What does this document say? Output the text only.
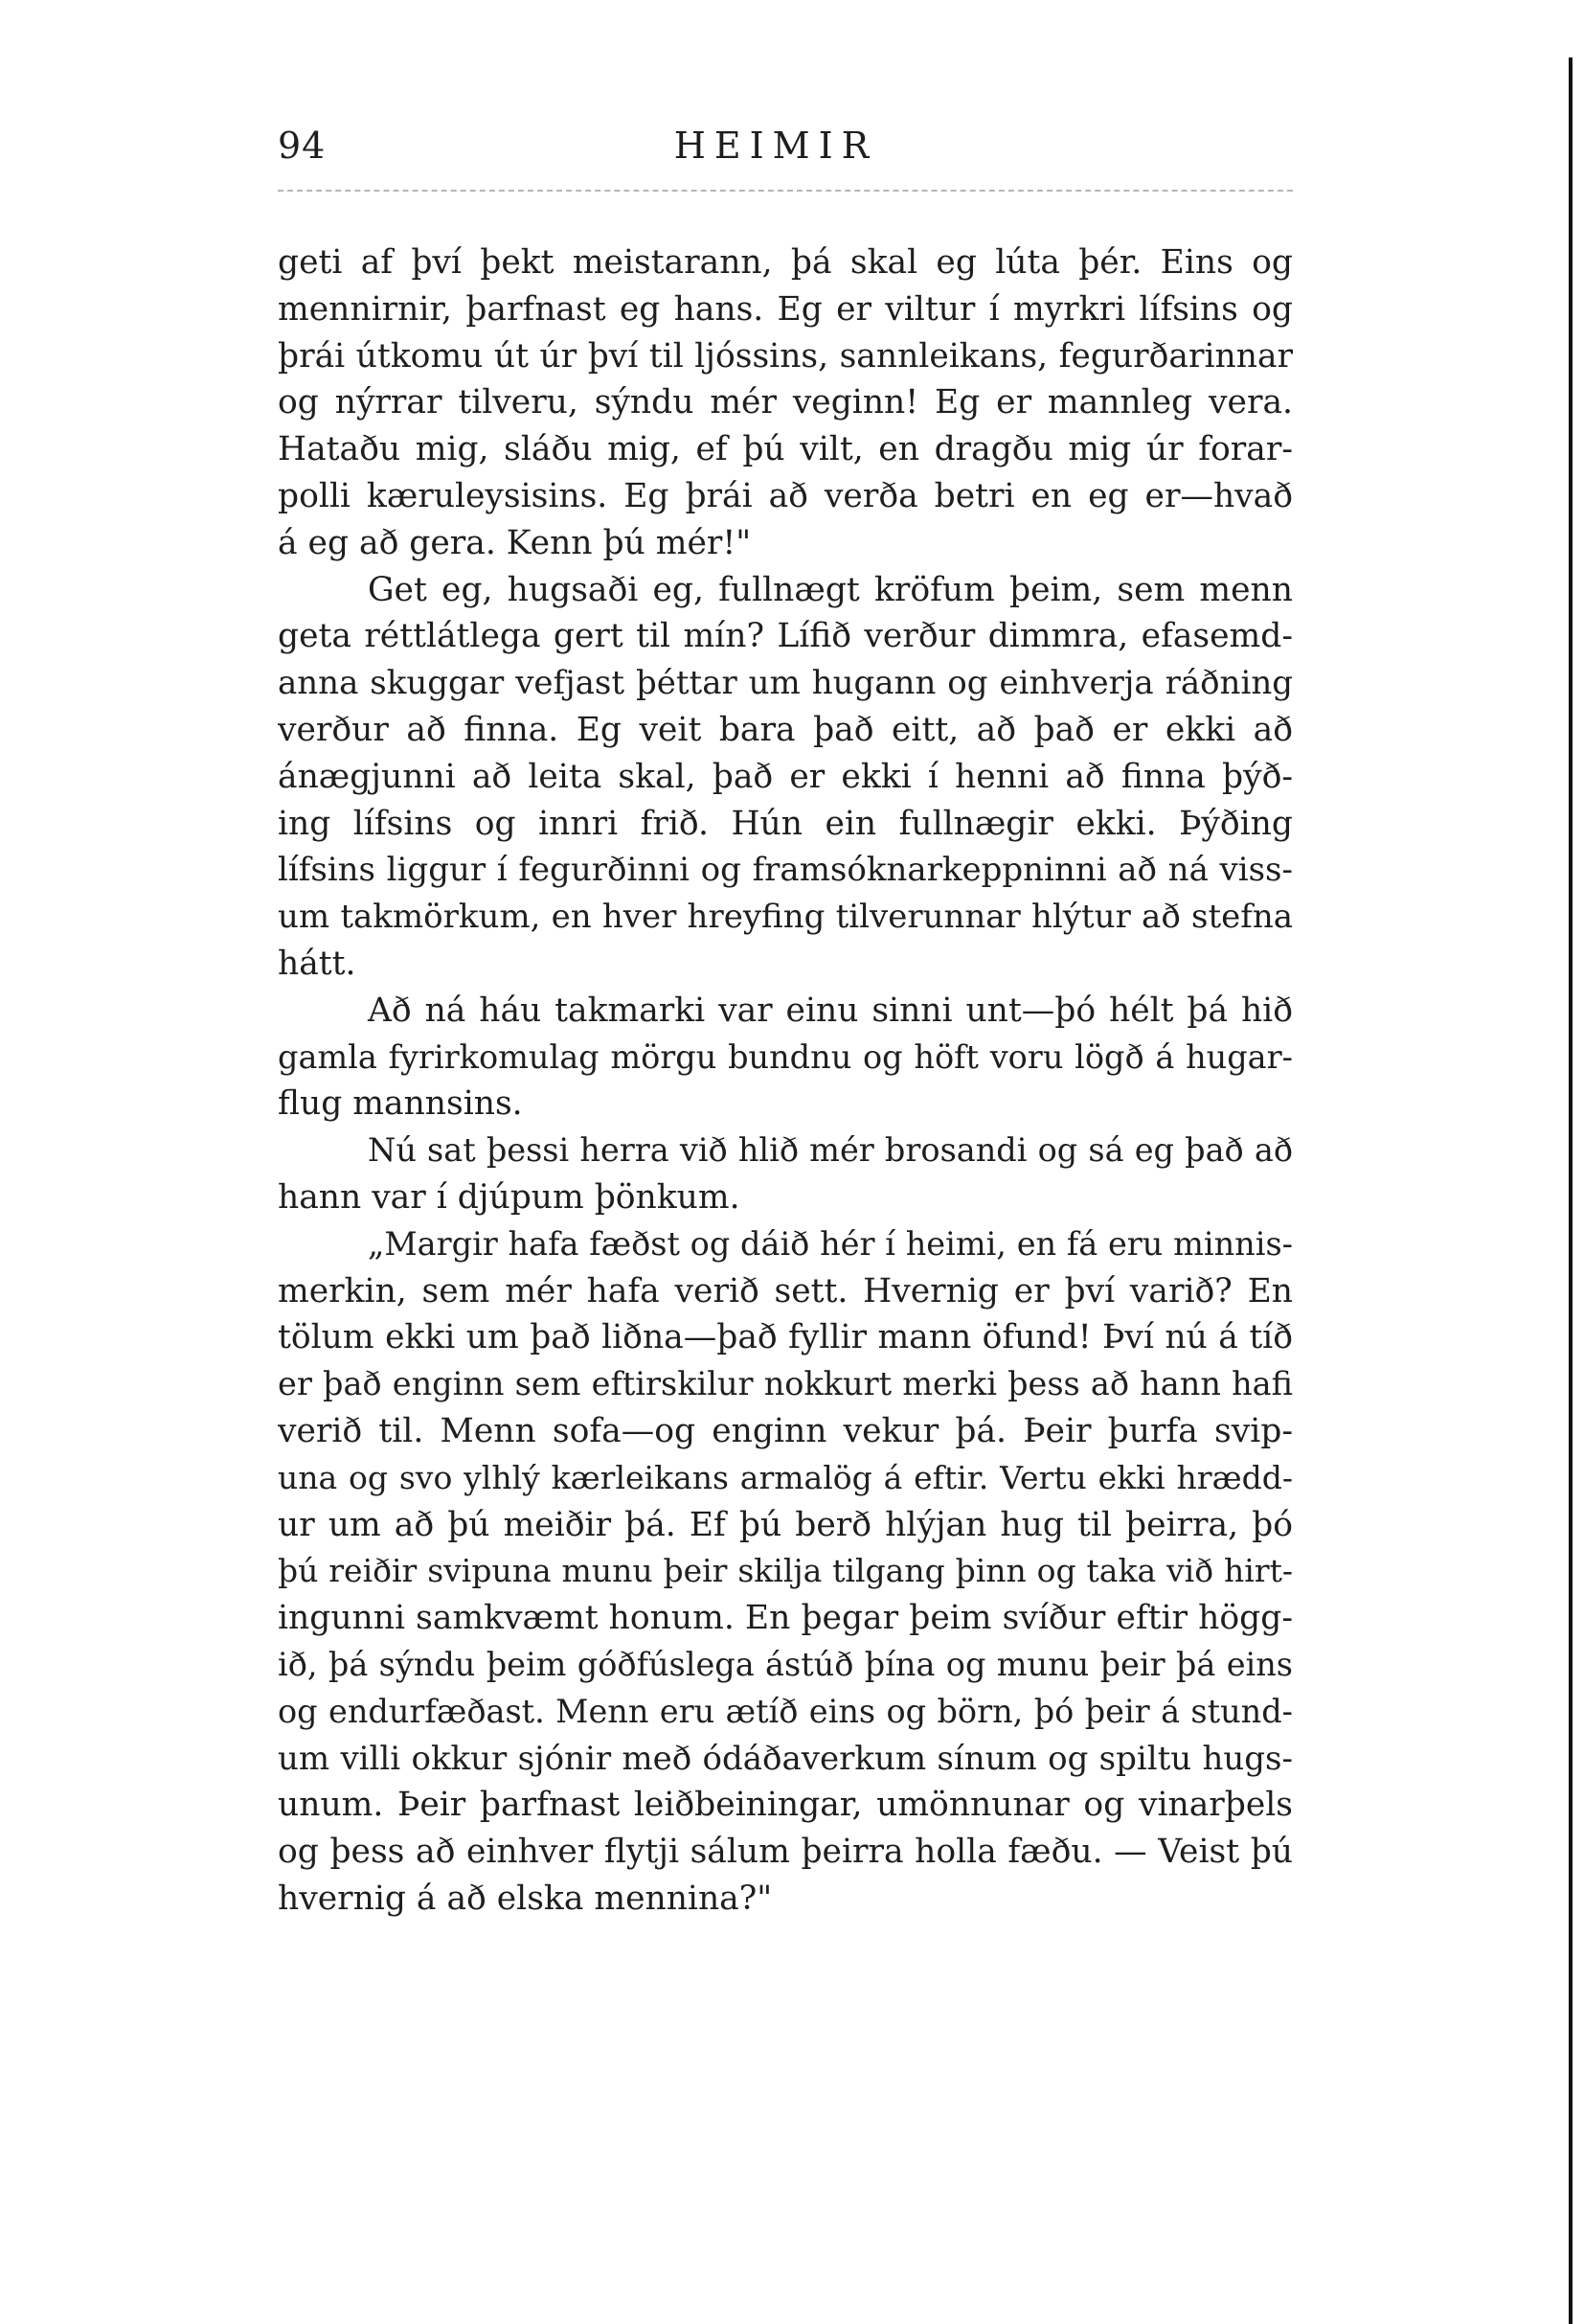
94	HEIMIR
geti af því þekt meistarann, þá skal eg lúta þér. Eins og
mennirnir, þarfnast eg hans. Eg er viltur í myrkri lífsins og
þrái útkomu út úr því til ljóssins, sannleikans, fegurðarinnar
og nýrrar tilveru, sýndu mér veginn! Eg er mannleg vera.
Hataðu mig, sláðu mig, ef þú vilt, en dragðu mig úr forar-
polli kæruleysisins. Eg þrái að verða betri en eg er—hvað
á eg að gera. Kenn þú mér!"
Get eg, hugsaði eg, fullnægt kröfum þeim, sem menn
geta réttlátlega gert til mín? Lífið verður dimmra, efasemd-
anna skuggar vefjast þéttar um hugann og einhverja ráðning
verður að finna. Eg veit bara það eitt, að það er ekki að
ánægjunni að leita skal, það er ekki í henni að finna þýð-
ing lífsins og innri frið. Hún ein fullnægir ekki. Þýðing
lífsins liggur í fegurðinni og framsóknarkeppninni að ná viss-
um takmörkum, en hver hreyfing tilverunnar hlýtur að stefna
hátt.
Að ná háu takmarki var einu sinni unt—þó hélt þá hið
gamla fyrirkomulag mörgu bundnu og höft voru lögð á hugar-
flug mannsins.
Nú sat þessi herra við hlið mér brosandi og sá eg það að
hann var í djúpum þönkum.
„Margir hafa fæðst og dáið hér í heimi, en fá eru minnis-
merkin, sem mér hafa verið sett. Hvernig er því varið? En
tölum ekki um það liðna—það fyllir mann öfund! Því nú á tíð
er það enginn sem eftirskilur nokkurt merki þess að hann hafi
verið til. Menn sofa—og enginn vekur þá. Þeir þurfa svip-
una og svo ylhlý kærleikans armalög á eftir. Vertu ekki hrædd-
ur um að þú meiðir þá. Ef þú berð hlýjan hug til þeirra, þó
þú reiðir svipuna munu þeir skilja tilgang þinn og taka við hirt-
ingunni samkvæmt honum. En þegar þeim svíður eftir högg-
ið, þá sýndu þeim góðfúslega ástúð þína og munu þeir þá eins
og endurfæðast. Menn eru ætíð eins og börn, þó þeir á stund-
um villi okkur sjónir með ódáðaverkum sínum og spiltu hugs-
unum. Þeir þarfnast leiðbeiningar, umönnunar og vinarþels
og þess að einhver flytji sálum þeirra holla fæðu. — Veist þú
hvernig á að elska mennina?"
